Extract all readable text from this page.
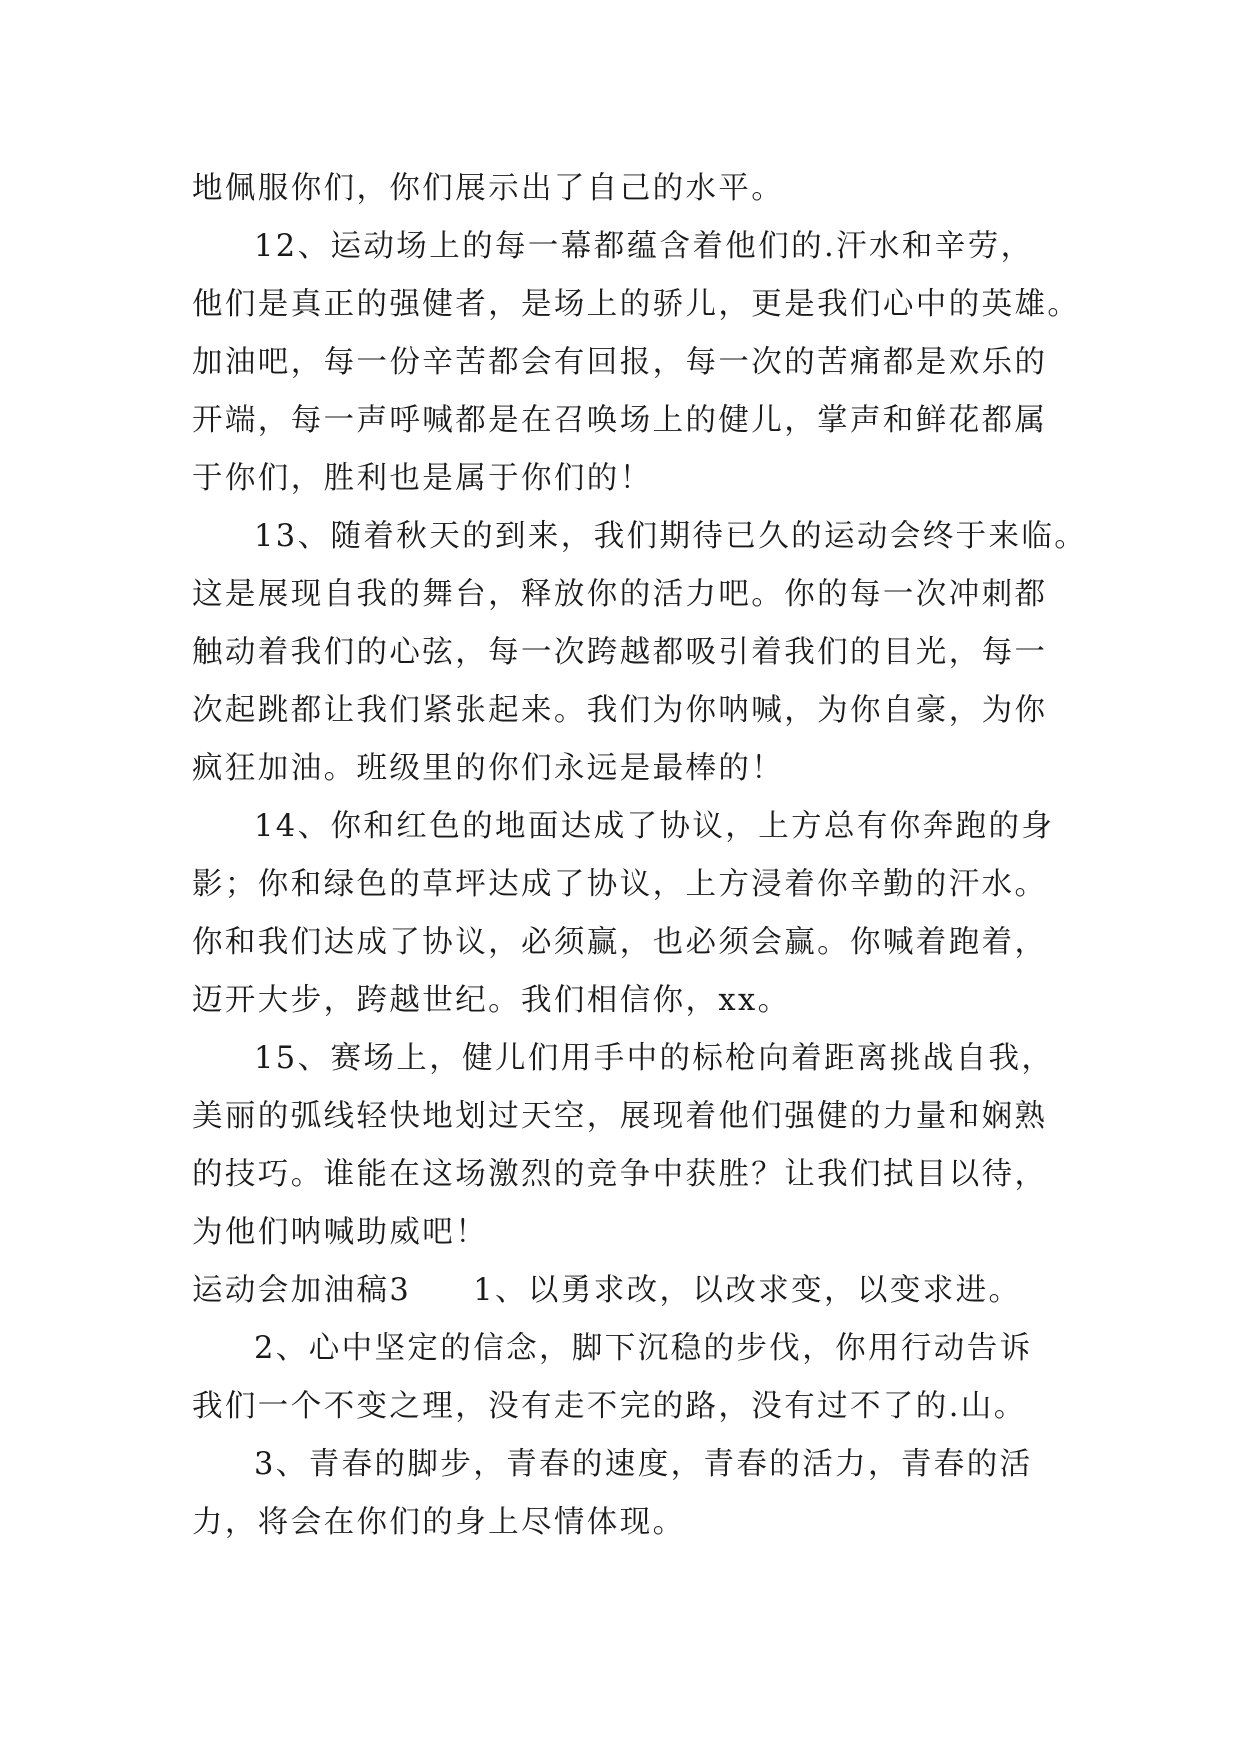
地佩服你们，你们展示出了自己的水平。
12、运动场上的每一幕都蕴含着他们的.汗水和辛劳，
他们是真正的强健者，是场上的骄儿，更是我们心中的英雄。
加油吧，每一份辛苦都会有回报，每一次的苦痛都是欢乐的
开端，每一声呼喊都是在召唤场上的健儿，掌声和鲜花都属
于你们，胜利也是属于你们的！
13、随着秋天的到来，我们期待已久的运动会终于来临。
这是展现自我的舞台，释放你的活力吧。你的每一次冲刺都
触动着我们的心弦，每一次跨越都吸引着我们的目光，每一
次起跳都让我们紧张起来。我们为你呐喊，为你自豪，为你
疯狂加油。班级里的你们永远是最棒的！
14、你和红色的地面达成了协议，上方总有你奔跑的身
影；你和绿色的草坪达成了协议，上方浸着你辛勤的汗水。
你和我们达成了协议，必须赢，也必须会赢。你喊着跑着，
迈开大步，跨越世纪。我们相信你，xx。
15、赛场上，健儿们用手中的标枪向着距离挑战自我，
美丽的弧线轻快地划过天空，展现着他们强健的力量和娴熟
的技巧。谁能在这场激烈的竞争中获胜？让我们拭目以待，
为他们呐喊助威吧！
运动会加油稿3 1、以勇求改，以改求变，以变求进。
2、心中坚定的信念，脚下沉稳的步伐，你用行动告诉
我们一个不变之理，没有走不完的路，没有过不了的.山。
3、青春的脚步，青春的速度，青春的活力，青春的活
力，将会在你们的身上尽情体现。
